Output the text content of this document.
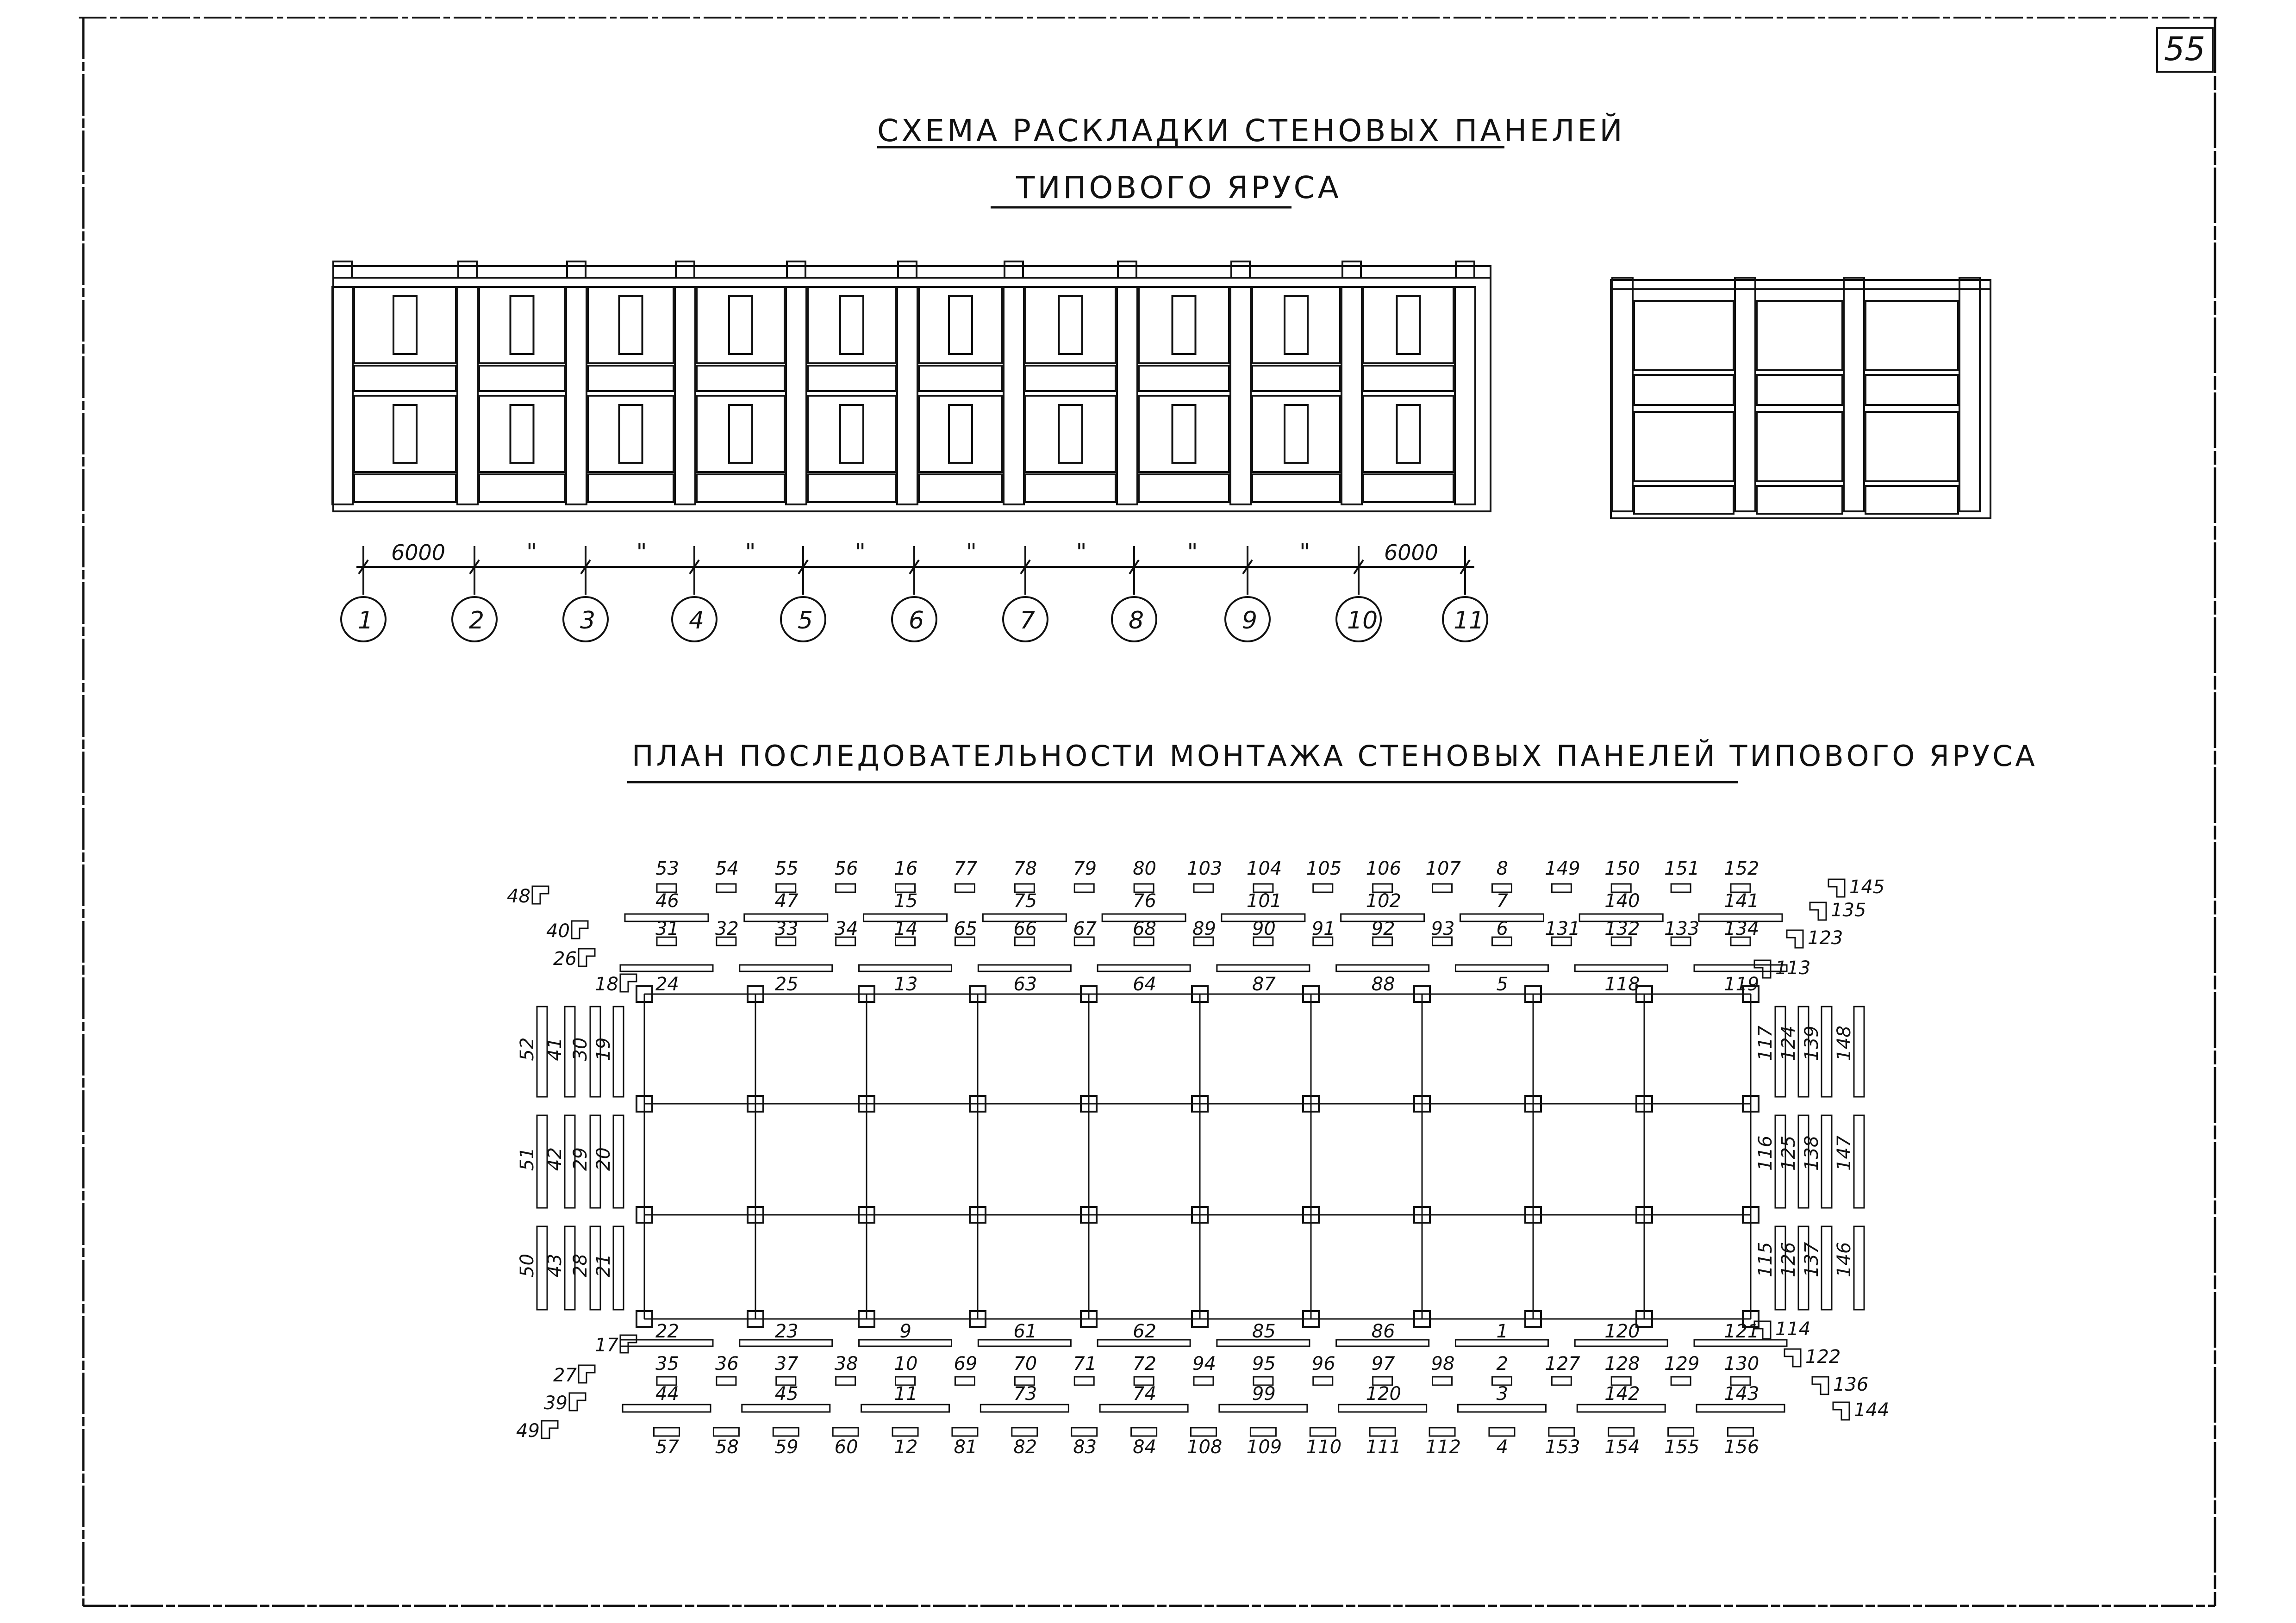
55
СХЕМА РАСКЛАДКИ СТЕНОВЫХ ПАНЕЛЕЙ
ТИПОВОГО ЯРУСА
6000	"	"	"	"	"	"	"	"	6000
1	2	3	4	5	6	7	8	9	10	11
ПЛАН ПОСЛЕДОВАТЕЛЬНОСТИ МОНТАЖА СТЕНОВЫХ ПАНЕЛЕЙ ТИПОВОГО ЯРУСА
53 54 55 56 16 77 78 79 80 103 104 105 106 107 8 149 150 151 152
46	47	15	75	76	101	102	7	140	141
31 32 33 34 14 65 66 67 68 89 90 91 92 93 6 131 132 133 134
24	25	13	63	64	87	88	5	118	119
22	23	9	61	62	85	86	1	120	121
35 36 37 38 10 69 70 71 72 94 95 96 97 98 2 127 128 129 130
44	45	11	73	74	99	120	3	142	143
57 58 59 60 12 81 82 83 84 108 109 110 111 112 4 153 154 155 156
48
40
26
18
17
27
39
49
145
135
123
113
114
122
136
144
52 41 30 19
51 42 29 20
50 43 28 21
117 124 139 148
116 125 138 147
115 126 137 146
